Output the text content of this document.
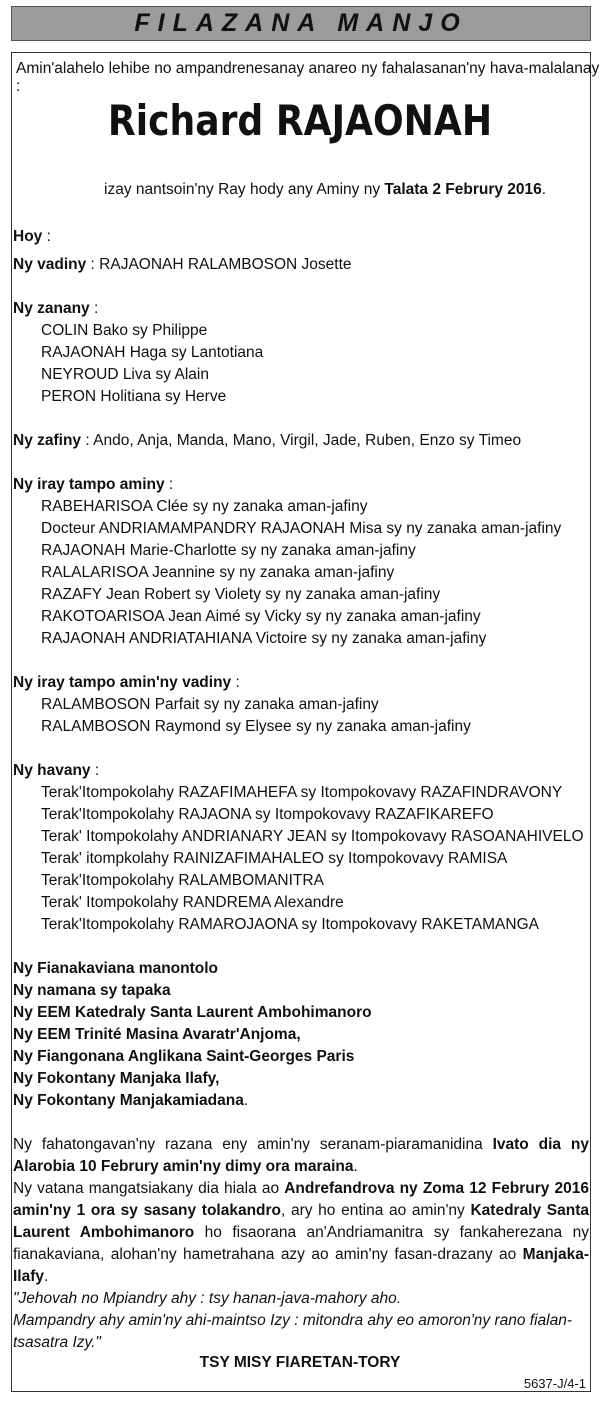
FILAZANA MANJO
Amin'alahelo lehibe no ampandrenesanay anareo ny fahalasanan'ny hava-malalanay :
Richard RAJAONAH
izay nantsoin'ny Ray hody any Aminy ny Talata 2 Februry 2016.
Hoy :
Ny vadiny : RAJAONAH RALAMBOSON Josette
Ny zanany :
COLIN Bako sy Philippe
RAJAONAH Haga sy Lantotiana
NEYROUD Liva sy Alain
PERON Holitiana sy Herve
Ny zafiny : Ando, Anja, Manda, Mano, Virgil, Jade, Ruben, Enzo sy Timeo
Ny iray tampo aminy :
RABEHARISOA Clée sy ny zanaka aman-jafiny
Docteur ANDRIAMAMPANDRY RAJAONAH Misa sy ny zanaka aman-jafiny
RAJAONAH Marie-Charlotte sy ny zanaka aman-jafiny
RALALARISOA Jeannine sy ny zanaka aman-jafiny
RAZAFY Jean Robert sy Violety sy ny zanaka aman-jafiny
RAKOTOARISOA Jean Aimé sy Vicky sy ny zanaka aman-jafiny
RAJAONAH ANDRIATAHIANA Victoire sy ny zanaka aman-jafiny
Ny iray tampo amin'ny vadiny :
RALAMBOSON Parfait sy ny zanaka aman-jafiny
RALAMBOSON Raymond sy Elysee sy ny zanaka aman-jafiny
Ny havany :
Terak'Itompokolahy RAZAFIMAHEFA sy Itompokovavy RAZAFINDRAVONY
Terak'Itompokolahy RAJAONA sy Itompokovavy RAZAFIKAREFO
Terak' Itompokolahy ANDRIANARY JEAN sy Itompokovavy RASOANAHIVELO
Terak' itompkolahy RAINIZAFIMAHALEO sy Itompokovavy RAMISA
Terak'Itompokolahy RALAMBOMANITRA
Terak' Itompokolahy RANDREMA Alexandre
Terak'Itompokolahy RAMAROJAONA sy Itompokovavy RAKETAMANGA
Ny Fianakaviana manontolo
Ny namana sy tapaka
Ny EEM Katedraly Santa Laurent Ambohimanoro
Ny EEM Trinité Masina Avaratr'Anjoma,
Ny Fiangonana Anglikana Saint-Georges Paris
Ny Fokontany Manjaka Ilafy,
Ny Fokontany Manjakamiadana.
Ny fahatongavan'ny razana eny amin'ny seranam-piaramanidina Ivato dia ny Alarobia 10 Februry amin'ny dimy ora maraina.
Ny vatana mangatsiakany dia hiala ao Andrefandrova ny Zoma 12 Februry 2016 amin'ny 1 ora sy sasany tolakandro, ary ho entina ao amin'ny Katedraly Santa Laurent Ambohimanoro ho fisaorana an'Andriamanitra sy fankaherezana ny fianakaviana, alohan'ny hametrahana azy ao amin'ny fasan-drazany ao Manjaka-Ilafy.
"Jehovah no Mpiandry ahy : tsy hanan-java-mahory aho.
Mampandry ahy amin'ny ahi-maintso Izy : mitondra ahy eo amoron'ny rano fialan-tsasatra Izy."
TSY MISY FIARETAN-TORY
5637-J/4-1
